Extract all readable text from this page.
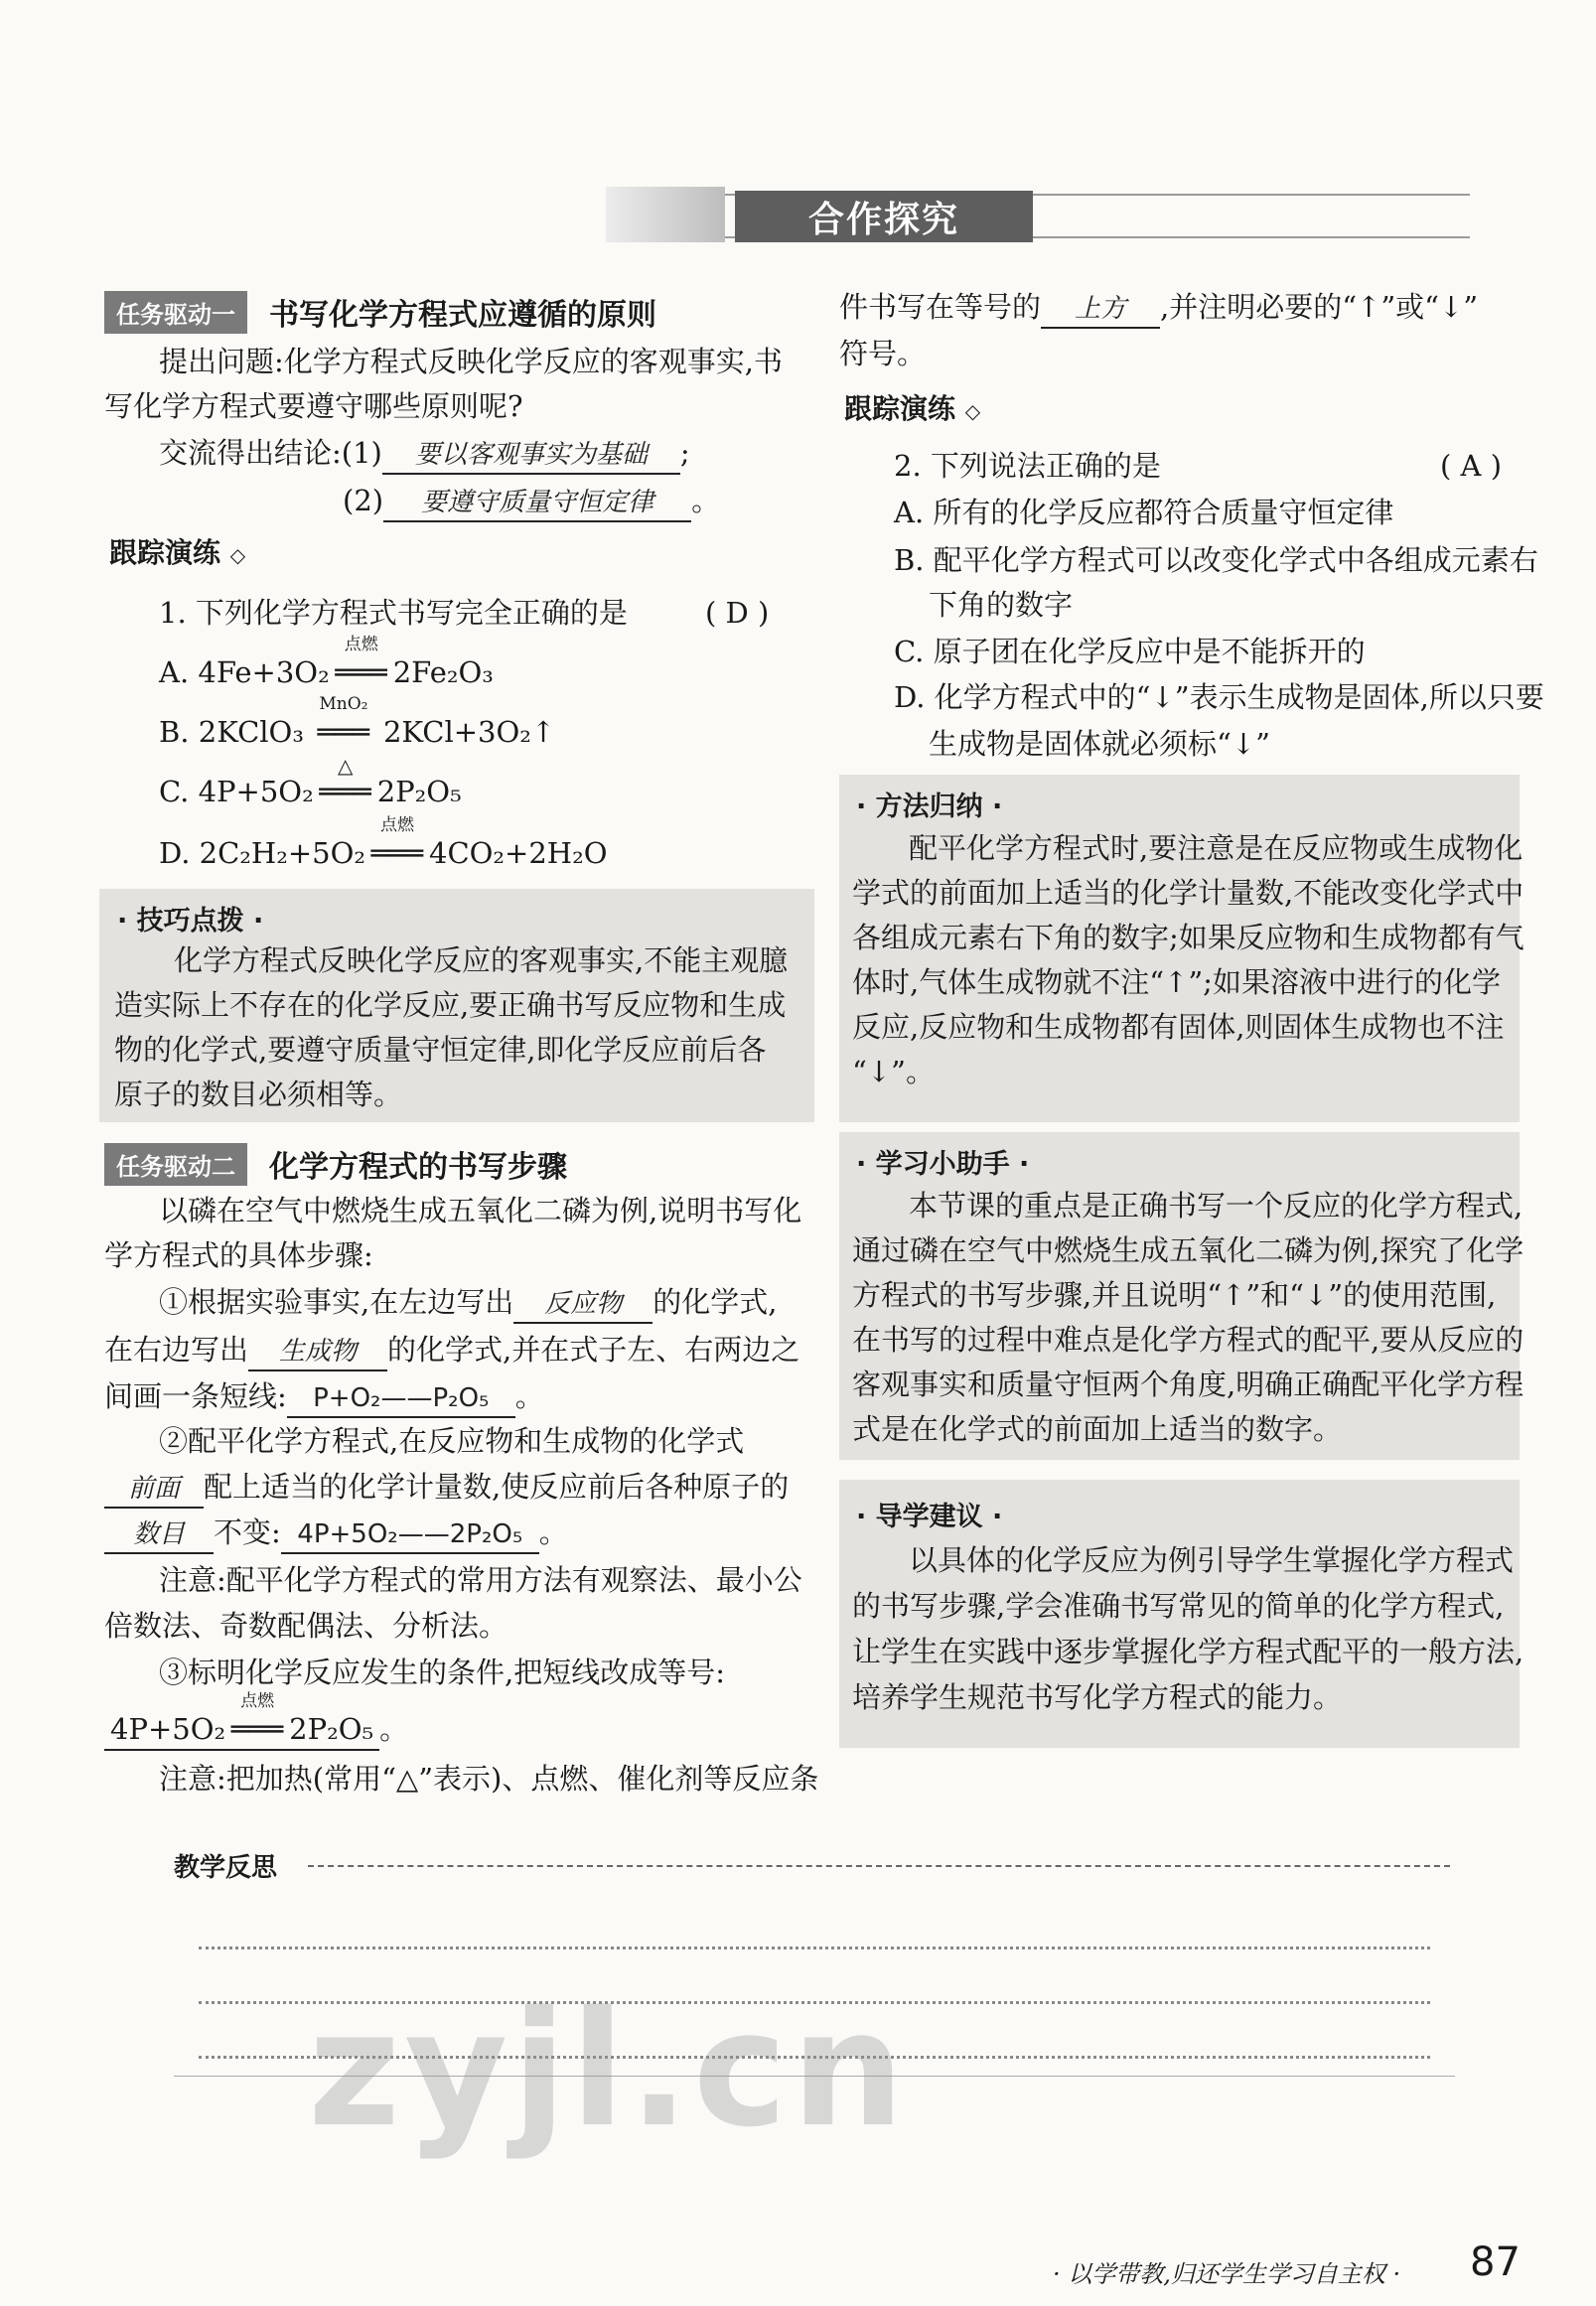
合作探究
任务驱动一	书写化学方程式应遵循的原则
提出问题:化学方程式反映化学反应的客观事实,书
写化学方程式要遵守哪些原则呢?
交流得出结论:(1) 要以客观事实为基础 ;
(2) 要遵守质量守恒定律 。
跟踪演练 ◇
1. 下列化学方程式书写完全正确的是	( D )
A. 4Fe+3O₂
点燃
═══ 2Fe₂O₃
B. 2KClO₃
MnO₂
═══ 2KCl+3O₂↑
C. 4P+5O₂
△
═══ 2P₂O₅
D. 2C₂H₂+5O₂
点燃
═══ 4CO₂+2H₂O
· 技巧点拨 ·
化学方程式反映化学反应的客观事实,不能主观臆
造实际上不存在的化学反应,要正确书写反应物和生成
物的化学式,要遵守质量守恒定律,即化学反应前后各
原子的数目必须相等。
任务驱动二	化学方程式的书写步骤
以磷在空气中燃烧生成五氧化二磷为例,说明书写化
学方程式的具体步骤:
①根据实验事实,在左边写出 反应物 的化学式,
在右边写出 生成物 的化学式,并在式子左、右两边之
间画一条短线: P+O₂——P₂O₅ 。
②配平化学方程式,在反应物和生成物的化学式
前面 配上适当的化学计量数,使反应前后各种原子的
数目 不变: 4P+5O₂——2P₂O₅ 。
注意:配平化学方程式的常用方法有观察法、最小公
倍数法、奇数配偶法、分析法。
③标明化学反应发生的条件,把短线改成等号:
4P+5O₂
点燃
═══ 2P₂O₅ 。
注意:把加热(常用“△”表示)、点燃、催化剂等反应条
件书写在等号的 上方 ,并注明必要的“↑”或“↓”
符号。
跟踪演练 ◇
2. 下列说法正确的是	( A )
A. 所有的化学反应都符合质量守恒定律
B. 配平化学方程式可以改变化学式中各组成元素右
下角的数字
C. 原子团在化学反应中是不能拆开的
D. 化学方程式中的“↓”表示生成物是固体,所以只要
生成物是固体就必须标“↓”
· 方法归纳 ·
配平化学方程式时,要注意是在反应物或生成物化
学式的前面加上适当的化学计量数,不能改变化学式中
各组成元素右下角的数字;如果反应物和生成物都有气
体时,气体生成物就不注“↑”;如果溶液中进行的化学
反应,反应物和生成物都有固体,则固体生成物也不注
“↓”。
· 学习小助手 ·
本节课的重点是正确书写一个反应的化学方程式,
通过磷在空气中燃烧生成五氧化二磷为例,探究了化学
方程式的书写步骤,并且说明“↑”和“↓”的使用范围,
在书写的过程中难点是化学方程式的配平,要从反应的
客观事实和质量守恒两个角度,明确正确配平化学方程
式是在化学式的前面加上适当的数字。
· 导学建议 ·
以具体的化学反应为例引导学生掌握化学方程式
的书写步骤,学会准确书写常见的简单的化学方程式,
让学生在实践中逐步掌握化学方程式配平的一般方法,
培养学生规范书写化学方程式的能力。
教学反思
zyjl.cn
· 以学带教,归还学生学习自主权 · 87
